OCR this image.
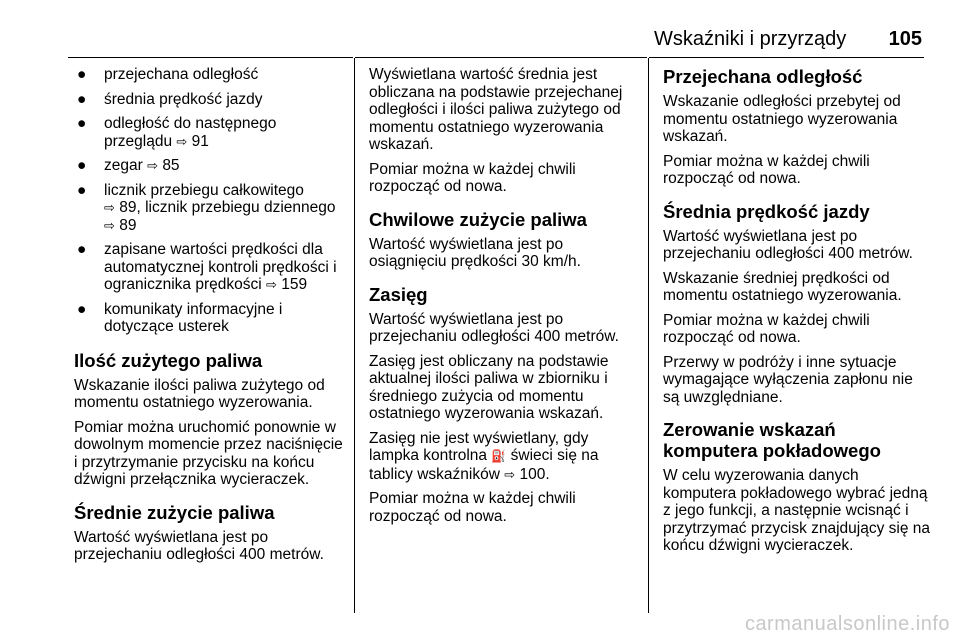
Wskaźniki i przyrządy 105
● przejechana odległość
● średnia prędkość jazdy
● odległość do następnego przeglądu ⇨ 91
● zegar ⇨ 85
● licznik przebiegu całkowitego
⇨ 89, licznik przebiegu dziennego ⇨ 89
● zapisane wartości prędkości dla automatycznej kontroli prędkości i ogranicznika prędkości ⇨ 159
● komunikaty informacyjne i dotyczące usterek
Ilość zużytego paliwa

Wskazanie ilości paliwa zużytego od momentu ostatniego wyzerowania.

Pomiar można uruchomić ponownie w dowolnym momencie przez naciśnięcie i przytrzymanie przycisku na końcu dźwigni przełącznika wycieraczek.

Średnie zużycie paliwa

Wartość wyświetlana jest po przejechaniu odległości 400 metrów.

Wyświetlana wartość średnia jest obliczana na podstawie przejechanej odległości i ilości paliwa zużytego od momentu ostatniego wyzerowania wskazań.

Pomiar można w każdej chwili rozpocząć od nowa.

Chwilowe zużycie paliwa

Wartość wyświetlana jest po osiągnięciu prędkości 30 km/h.

Zasięg

Wartość wyświetlana jest po przejechaniu odległości 400 metrów.

Zasięg jest obliczany na podstawie aktualnej ilości paliwa w zbiorniku i średniego zużycia od momentu ostatniego wyzerowania wskazań.

Zasięg nie jest wyświetlany, gdy lampka kontrolna ⛽ świeci się na tablicy wskaźników ⇨ 100.

Pomiar można w każdej chwili rozpocząć od nowa.

Przejechana odległość

Wskazanie odległości przebytej od momentu ostatniego wyzerowania wskazań.

Pomiar można w każdej chwili rozpocząć od nowa.

Średnia prędkość jazdy

Wartość wyświetlana jest po przejechaniu odległości 400 metrów.

Wskazanie średniej prędkości od momentu ostatniego wyzerowania.

Pomiar można w każdej chwili rozpocząć od nowa.

Przerwy w podróży i inne sytuacje wymagające wyłączenia zapłonu nie są uwzględniane.

Zerowanie wskazań komputera pokładowego

W celu wyzerowania danych komputera pokładowego wybrać jedną z jego funkcji, a następnie wcisnąć i przytrzymać przycisk znajdujący się na końcu dźwigni wycieraczek.

carmanualsonline.info
